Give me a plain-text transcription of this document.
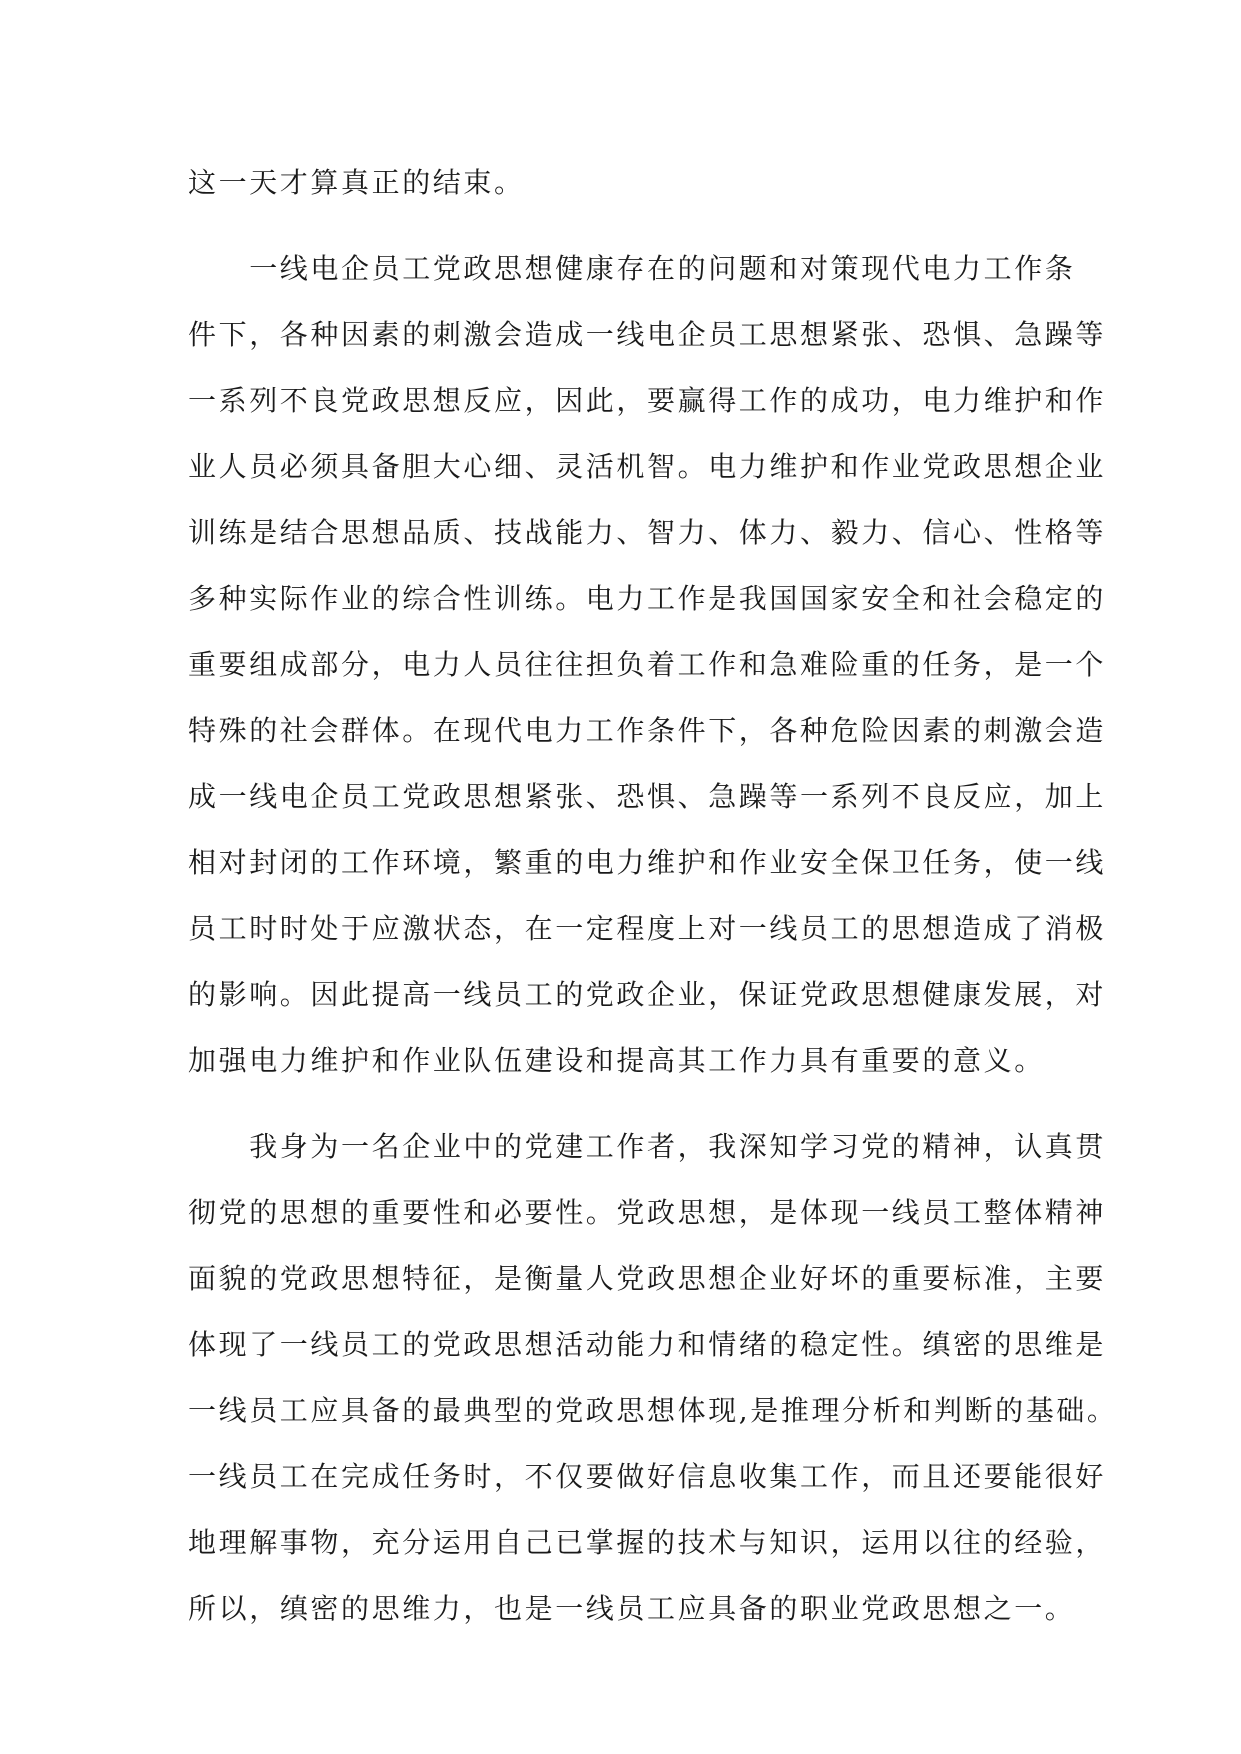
这一天才算真正的结束。
　　一线电企员工党政思想健康存在的问题和对策现代电力工作条
件下，各种因素的刺激会造成一线电企员工思想紧张、恐惧、急躁等
一系列不良党政思想反应，因此，要赢得工作的成功，电力维护和作
业人员必须具备胆大心细、灵活机智。电力维护和作业党政思想企业
训练是结合思想品质、技战能力、智力、体力、毅力、信心、性格等
多种实际作业的综合性训练。电力工作是我国国家安全和社会稳定的
重要组成部分，电力人员往往担负着工作和急难险重的任务，是一个
特殊的社会群体。在现代电力工作条件下，各种危险因素的刺激会造
成一线电企员工党政思想紧张、恐惧、急躁等一系列不良反应，加上
相对封闭的工作环境，繁重的电力维护和作业安全保卫任务，使一线
员工时时处于应激状态，在一定程度上对一线员工的思想造成了消极
的影响。因此提高一线员工的党政企业，保证党政思想健康发展，对
加强电力维护和作业队伍建设和提高其工作力具有重要的意义。
　　我身为一名企业中的党建工作者，我深知学习党的精神，认真贯
彻党的思想的重要性和必要性。党政思想，是体现一线员工整体精神
面貌的党政思想特征，是衡量人党政思想企业好坏的重要标准，主要
体现了一线员工的党政思想活动能力和情绪的稳定性。缜密的思维是
一线员工应具备的最典型的党政思想体现,是推理分析和判断的基础。
一线员工在完成任务时，不仅要做好信息收集工作，而且还要能很好
地理解事物，充分运用自己已掌握的技术与知识，运用以往的经验，
所以，缜密的思维力，也是一线员工应具备的职业党政思想之一。
